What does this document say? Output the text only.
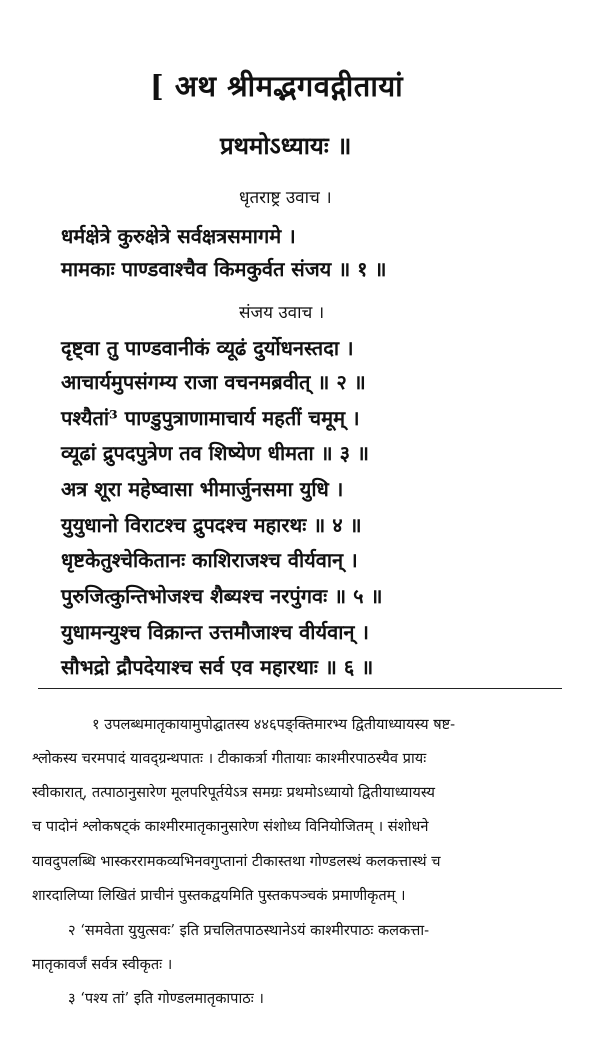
[ अथ श्रीमद्भगवद्गीतायां
प्रथमोऽध्यायः ॥
धृतराष्ट्र उवाच ।
धर्मक्षेत्रे कुरुक्षेत्रे सर्वक्षत्रसमागमे ।
मामकाः पाण्डवाश्चैव किमकुर्वत संजय ॥ १ ॥
संजय उवाच ।
दृष्ट्वा तु पाण्डवानीकं व्यूढं दुर्योधनस्तदा ।
आचार्यमुपसंगम्य राजा वचनमब्रवीत् ॥ २ ॥
पश्यैतां³ पाण्डुपुत्राणामाचार्य महतीं चमूम् ।
व्यूढां द्रुपदपुत्रेण तव शिष्येण धीमता ॥ ३ ॥
अत्र शूरा महेष्वासा भीमार्जुनसमा युधि ।
युयुधानो विराटश्च द्रुपदश्च महारथः ॥ ४ ॥
धृष्टकेतुश्चेकितानः काशिराजश्च वीर्यवान् ।
पुरुजित्कुन्तिभोजश्च शैब्यश्च नरपुंगवः ॥ ५ ॥
युधामन्युश्च विक्रान्त उत्तमौजाश्च वीर्यवान् ।
सौभद्रो द्रौपदेयाश्च सर्व एव महारथाः ॥ ६ ॥
१ उपलब्धमातृकायामुपोद्घातस्य ४४६पङ्क्तिमारभ्य द्वितीयाध्यायस्य षष्ट-
श्लोकस्य चरमपादं यावद्ग्रन्थपातः । टीकाकर्त्रा गीतायाः काश्मीरपाठस्यैव प्रायः
स्वीकारात्, तत्पाठानुसारेण मूलपरिपूर्तयेऽत्र समग्रः प्रथमोऽध्यायो द्वितीयाध्यायस्य
च पादोनं श्लोकषट्कं काश्मीरमातृकानुसारेण संशोध्य विनियोजितम् । संशोधने
यावदुपलब्धि भास्कररामकव्यभिनवगुप्तानां टीकास्तथा गोण्डलस्थं कलकत्तास्थं च
शारदालिप्या लिखितं प्राचीनं पुस्तकद्वयमिति पुस्तकपञ्चकं प्रमाणीकृतम् ।
२ ‘समवेता युयुत्सवः’ इति प्रचलितपाठस्थानेऽयं काश्मीरपाठः कलकत्ता-
मातृकावर्जं सर्वत्र स्वीकृतः ।
३ ‘पश्य तां’ इति गोण्डलमातृकापाठः ।
